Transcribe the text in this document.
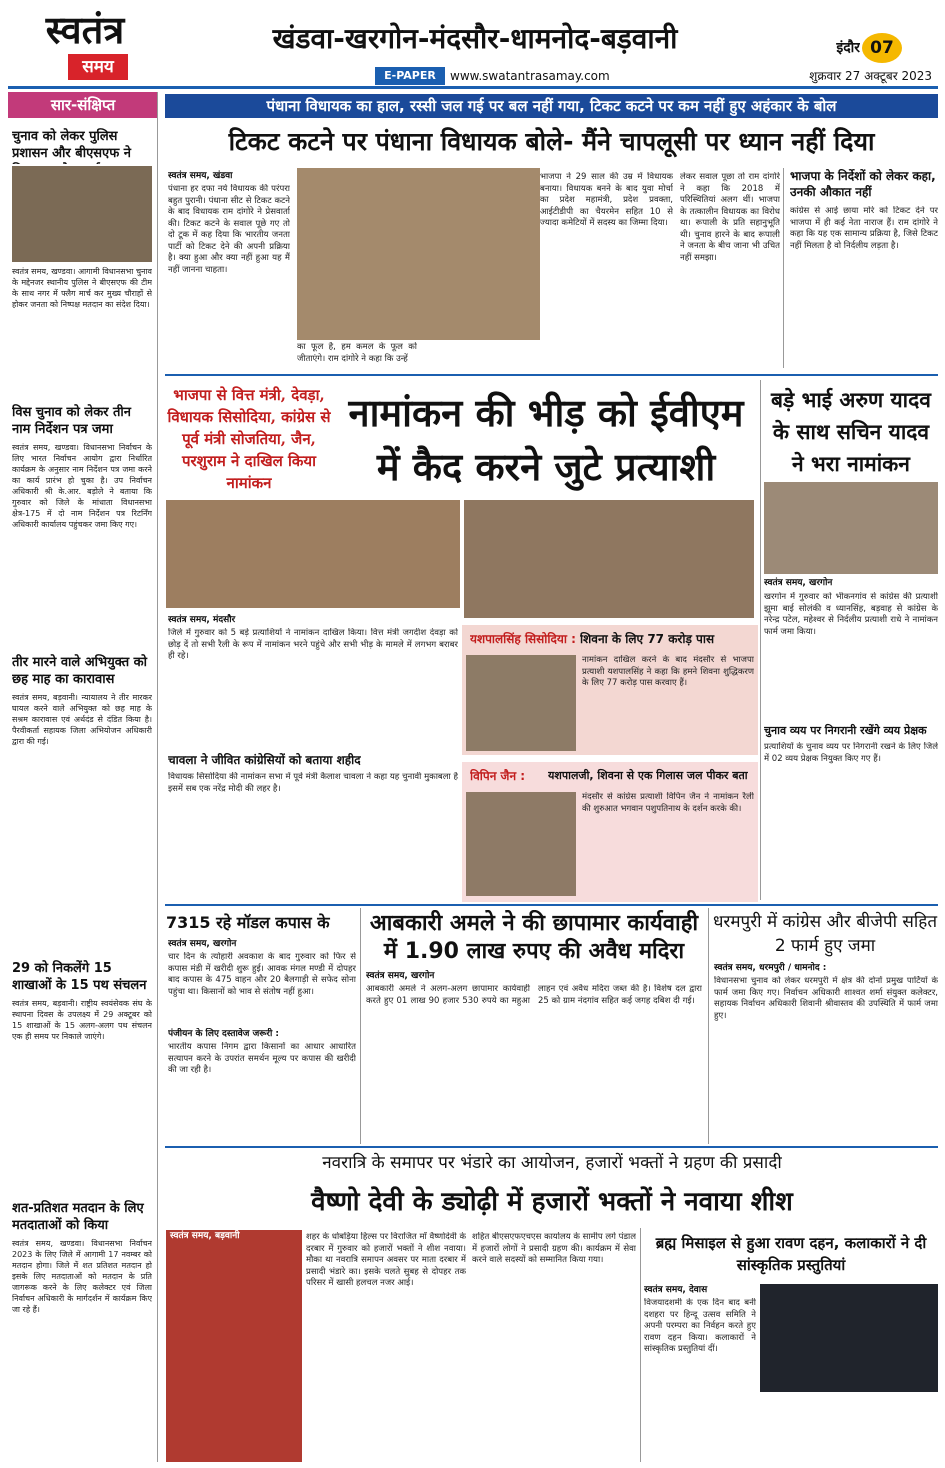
स्वतंत्र
समय
खंडवा-खरगोन-मंदसौर-धामनोद-बड़वानी	इंदौर 07
E-PAPER	www.swatantrasamay.com	शुक्रवार 27 अक्टूबर 2023
सार-संक्षिप्त
चुनाव को लेकर पुलिस प्रशासन और बीएसएफ ने
स्वतंत्र समय, खण्डवा। आगामी विधानसभा चुनाव के मद्देनजर स्थानीय पुलिस ने बीएसएफ की टीम के साथ नगर में फ्लैग मार्च कर मुख्य चौराहों से होकर जनता को निष्पक्ष मतदान का संदेश दिया।
विस चुनाव को लेकर तीन नाम निर्देशन पत्र जमा
स्वतंत्र समय, खण्डवा। विधानसभा निर्वाचन के लिए भारत निर्वाचन आयोग द्वारा निर्धारित कार्यक्रम के अनुसार नाम निर्देशन पत्र जमा करने का कार्य प्रारंभ हो चुका है। उप निर्वाचन अधिकारी श्री के.आर. बड़ोले ने बताया कि गुरुवार को जिले के मांधाता विधानसभा क्षेत्र-175 में दो नाम निर्देशन पत्र रिटर्निंग अधिकारी कार्यालय पहुंचकर जमा किए गए।
तीर मारने वाले अभियुक्त को छह माह का कारावास
स्वतंत्र समय, बड़वानी। न्यायालय ने तीर मारकर घायल करने वाले अभियुक्त को छह माह के सश्रम कारावास एवं अर्थदंड से दंडित किया है। पैरवीकर्ता सहायक जिला अभियोजन अधिकारी द्वारा की गई।
29 को निकलेंगे 15 शाखाओं के 15 पथ संचलन
स्वतंत्र समय, बड़वानी। राष्ट्रीय स्वयंसेवक संघ के स्थापना दिवस के उपलक्ष्य में 29 अक्टूबर को 15 शाखाओं के 15 अलग-अलग पथ संचलन एक ही समय पर निकाले जाएंगे।
शत-प्रतिशत मतदान के लिए मतदाताओं को किया
स्वतंत्र समय, खण्डवा। विधानसभा निर्वाचन 2023 के लिए जिले में आगामी 17 नवम्बर को मतदान होगा। जिले में शत प्रतिशत मतदान हो इसके लिए मतदाताओं को मतदान के प्रति जागरूक करने के लिए कलेक्टर एवं जिला निर्वाचन अधिकारी के मार्गदर्शन में कार्यक्रम किए जा रहे हैं।
पंधाना विधायक का हाल, रस्सी जल गई पर बल नहीं गया, टिकट कटने पर कम नहीं हुए अहंकार के बोल
टिकट कटने पर पंधाना विधायक बोले- मैंने चापलूसी पर ध्यान नहीं दिया
स्वतंत्र समय, खंडवा
पंधाना हर दफा नये विधायक की परंपरा बहुत पुरानी। पंधाना सीट से टिकट कटने के बाद विधायक राम दांगोरे ने प्रेसवार्ता की। टिकट कटने के सवाल पूछे गए तो दो टूक में कह दिया कि भारतीय जनता पार्टी को टिकट देने की अपनी प्रक्रिया है। क्या हुआ और क्या नहीं हुआ यह मैं नहीं जानना चाहता।
का फूल है, हम कमल के फूल को जीताएंगे। राम दांगोरे ने कहा कि उन्हें
भाजपा ने 29 साल की उम्र में विधायक बनाया। विधायक बनने के बाद युवा मोर्चा का प्रदेश महामंत्री, प्रदेश प्रवक्ता, आईटीडीपी का चैयरमेन सहित 10 से ज्यादा कमेटियों में सदस्य का जिम्मा दिया।
लेकर सवाल पूछा तो राम दांगोरे ने कहा कि 2018 में परिस्थितियां अलग थीं। भाजपा के तत्कालीन विधायक का विरोध था। रूपाली के प्रति सहानुभूति थी। चुनाव हारने के बाद रूपाली ने जनता के बीच जाना भी उचित नहीं समझा।
भाजपा के निर्देशों को लेकर कहा, उनकी औकात नहीं
कांग्रेस से आई छाया मोरे को टिकट देने पर भाजपा में ही कई नेता नाराज हैं। राम दांगोरे ने कहा कि यह एक सामान्य प्रक्रिया है, जिसे टिकट नहीं मिलता है वो निर्दलीय लड़ता है।
भाजपा से वित्त मंत्री, देवड़ा, विधायक सिसोदिया, कांग्रेस से पूर्व मंत्री सोजतिया, जैन, परशुराम ने दाखिल किया नामांकन
नामांकन की भीड़ को ईवीएम में कैद करने जुटे प्रत्याशी
स्वतंत्र समय, मंदसौर
जिले में गुरुवार को 5 बड़े प्रत्याशियों ने नामांकन दाखिल किया। वित्त मंत्री जगदीश देवड़ा को छोड़ दें तो सभी रैली के रूप में नामांकन भरने पहुंचे और सभी भीड़ के मामले में लगभग बराबर ही रहे।
चावला ने जीवित कांग्रेसियों को बताया शहीद
विधायक सिसोदिया की नामांकन सभा में पूर्व मंत्री कैलाश चावला ने कहा यह चुनावी मुकाबला है इसमें सब एक नरेंद्र मोदी की लहर है।
यशपालसिंह सिसोदिया : शिवना के लिए 77 करोड़ पास
नामांकन दाखिल करने के बाद मंदसौर से भाजपा प्रत्याशी यशपालसिंह ने कहा कि हमने शिवना शुद्धिकरण के लिए 77 करोड़ पास करवाए हैं।
विपिन जैन :	यशपालजी, शिवना से एक गिलास जल पीकर बता
मंदसौर से कांग्रेस प्रत्याशी विपिन जैन ने नामांकन रैली की शुरुआत भगवान पशुपतिनाथ के दर्शन करके की।
बड़े भाई अरुण यादव के साथ सचिन यादव ने भरा नामांकन
स्वतंत्र समय, खरगोन
खरगोन में गुरुवार को भीकनगांव से कांग्रेस की प्रत्याशी झूमा बाई सोलंकी व ध्यानसिंह, बड़वाह से कांग्रेस के नरेन्द्र पटेल, महेश्वर से निर्दलीय प्रत्याशी राधे ने नामांकन फार्म जमा किया।
चुनाव व्यय पर निगरानी रखेंगे व्यय प्रेक्षक
प्रत्याशियों के चुनाव व्यय पर निगरानी रखने के लिए जिले में 02 व्यय प्रेक्षक नियुक्त किए गए हैं।
7315 रहे मॉडल कपास के
स्वतंत्र समय, खरगोन
चार दिन के त्योहारी अवकाश के बाद गुरुवार को फिर से कपास मंडी में खरीदी शुरू हुई। आवक मंगल मण्डी में दोपहर बाद कपास के 475 वाहन और 20 बैलगाड़ी से सफेद सोना पहुंचा था। किसानों को भाव से संतोष नहीं हुआ।
पंजीयन के लिए दस्तावेज जरूरी :
भारतीय कपास निगम द्वारा किसानों का आधार आधारित सत्यापन करने के उपरांत समर्थन मूल्य पर कपास की खरीदी की जा रही है।
आबकारी अमले ने की छापामार कार्यवाही में 1.90 लाख रुपए की अवैध मदिरा
स्वतंत्र समय, खरगोन
आबकारी अमले ने अलग-अलग छापामार कार्यवाही करते हुए 01 लाख 90 हजार 530 रुपये का महुआ लाहन एवं अवैध मदिरा जब्त की है। विशेष दल द्वारा 25 को ग्राम नंदगांव सहित कई जगह दबिश दी गई।
धरमपुरी में कांग्रेस और बीजेपी सहित 2 फार्म हुए जमा
स्वतंत्र समय, धरमपुरी / धामनोद :
विधानसभा चुनाव को लेकर धरमपुरी में क्षेत्र की दोनों प्रमुख पार्टियों के फार्म जमा किए गए। निर्वाचन अधिकारी शाश्वत शर्मा संयुक्त कलेक्टर, सहायक निर्वाचन अधिकारी शिवानी श्रीवास्तव की उपस्थिति में फार्म जमा हुए।
नवरात्रि के समापर पर भंडारे का आयोजन, हजारों भक्तों ने ग्रहण की प्रसादी
वैष्णो देवी के ड्योढ़ी में हजारों भक्तों ने नवाया शीश
स्वतंत्र समय, बड़वानी	शहर के धोबड़िया हिल्स पर विराजित माँ वैष्णोदेवी के दरबार में गुरुवार को हजारों भक्तों ने शीश नवाया। मौका था नवरात्रि समापन अवसर पर माता दरबार में प्रसादी भंडारे का। इसके चलते सुबह से दोपहर तक परिसर में खासी हलचल नजर आई।
शहित बीएसएफएचएस कार्यालय के सामीप लगे पंडाल में हजारों लोगों ने प्रसादी ग्रहण की। कार्यक्रम में सेवा करने वाले सदस्यों को सम्मानित किया गया।
ब्रह्म मिसाइल से हुआ रावण दहन, कलाकारों ने दी सांस्कृतिक प्रस्तुतियां
स्वतंत्र समय, देवास
विजयादशमी के एक दिन बाद बनी दशहरा पर हिन्दू उत्सव समिति ने अपनी परम्परा का निर्वहन करते हुए रावण दहन किया। कलाकारों ने सांस्कृतिक प्रस्तुतियां दीं।
